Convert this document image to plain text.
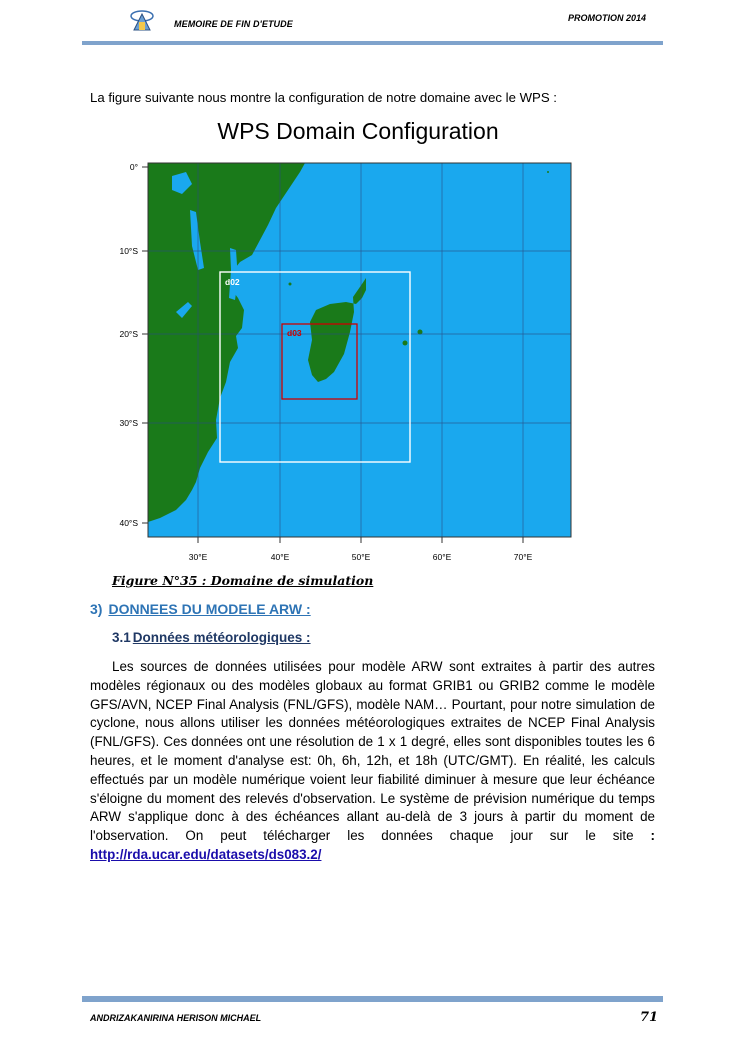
MEMOIRE DE FIN D'ETUDE
PROMOTION 2014
La figure suivante nous montre la configuration de notre domaine avec le WPS :
WPS Domain Configuration
d02
d03
0°
10°S
20°S
30°S
40°S
30°E	40°E	50°E	60°E	70°E
Figure N°35 : Domaine de simulation
3) DONNEES DU MODELE ARW :
3.1 Données météorologiques :
Les sources de données utilisées pour modèle ARW sont extraites à partir des autres modèles régionaux ou des modèles globaux au format GRIB1 ou GRIB2 comme le modèle GFS/AVN, NCEP Final Analysis (FNL/GFS), modèle NAM… Pourtant, pour notre simulation de cyclone, nous allons utiliser les données météorologiques extraites de NCEP Final Analysis (FNL/GFS). Ces données ont une résolution de 1 x 1 degré, elles sont disponibles toutes les 6 heures, et le moment d'analyse est: 0h, 6h, 12h, et 18h (UTC/GMT). En réalité, les calculs effectués par un modèle numérique voient leur fiabilité diminuer à mesure que leur échéance s'éloigne du moment des relevés d'observation. Le système de prévision numérique du temps ARW s'applique donc à des échéances allant au-delà de 3 jours à partir du moment de l'observation. On peut télécharger les données chaque jour sur le site : http://rda.ucar.edu/datasets/ds083.2/
ANDRIZAKANIRINA HERISON MICHAEL	71
